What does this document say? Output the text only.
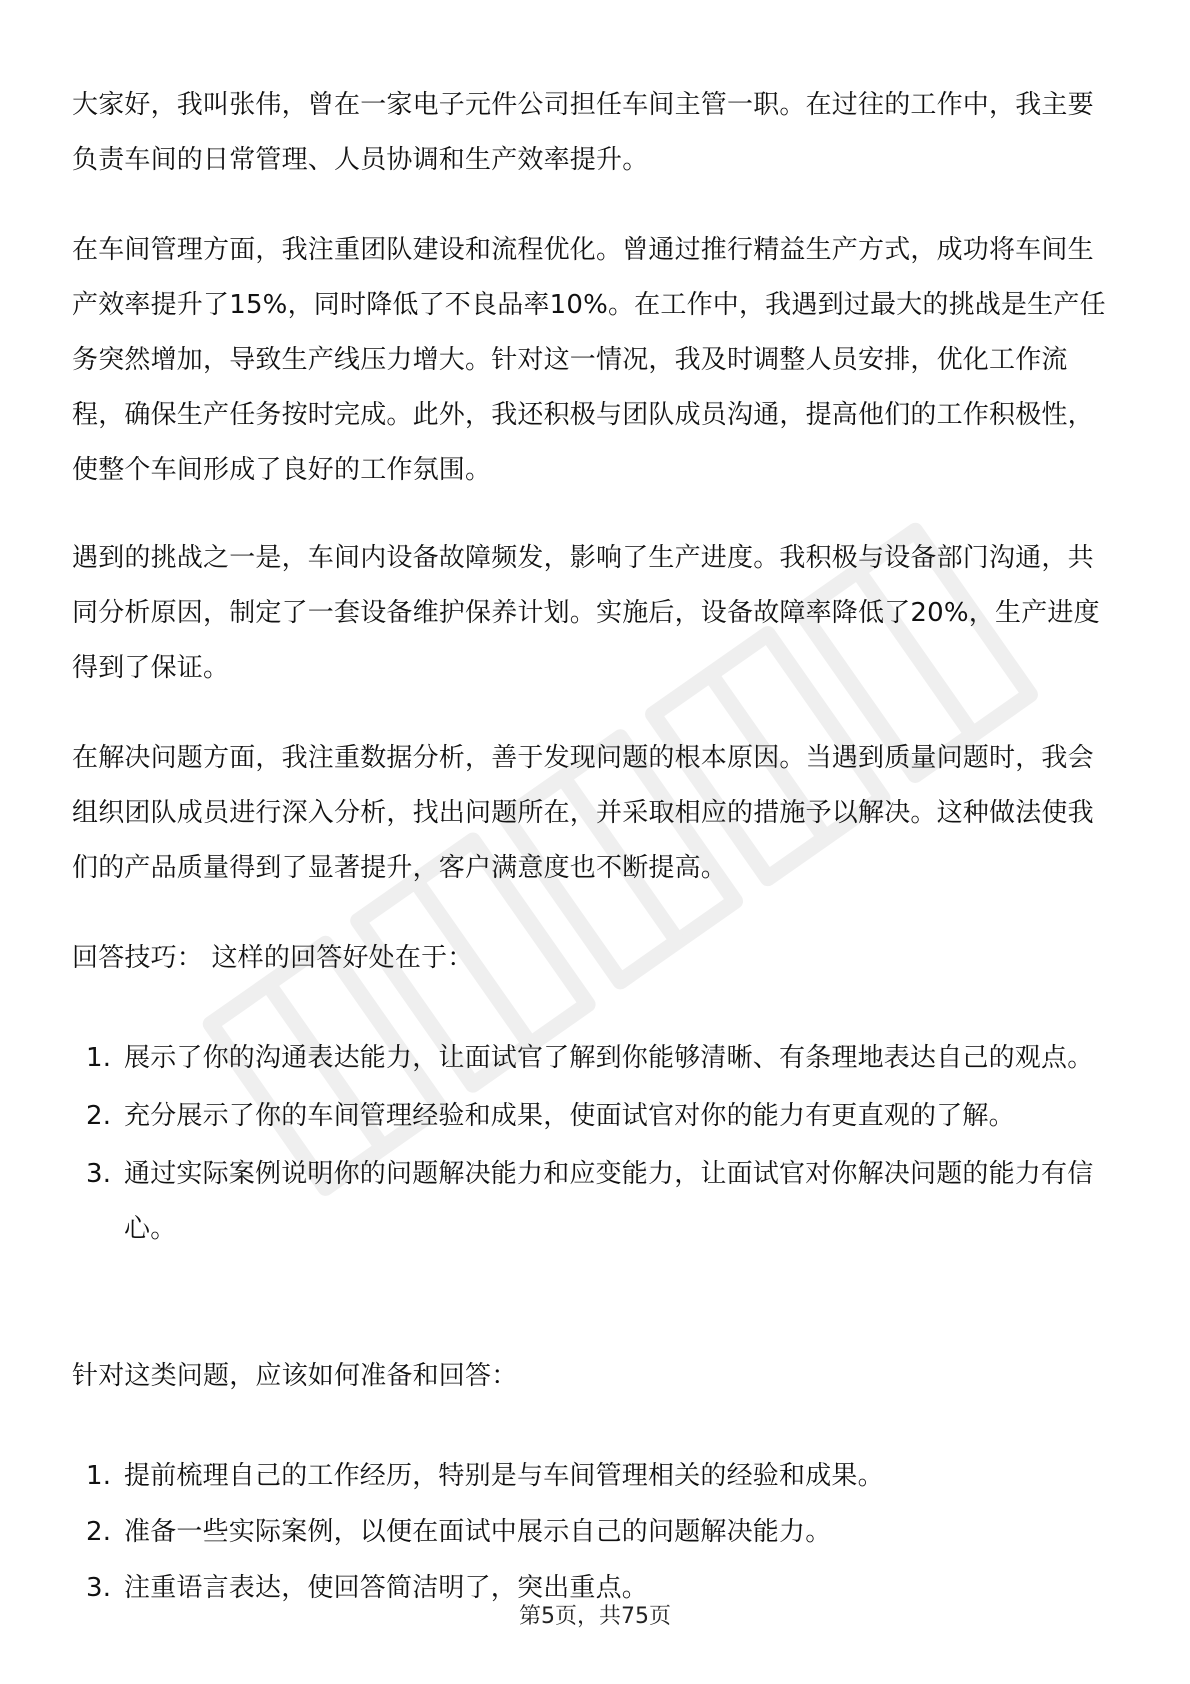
大家好，我叫张伟，曾在一家电子元件公司担任车间主管一职。在过往的工作中，我主要负责车间的日常管理、人员协调和生产效率提升。

在车间管理方面，我注重团队建设和流程优化。曾通过推行精益生产方式，成功将车间生产效率提升了15%，同时降低了不良品率10%。在工作中，我遇到过最大的挑战是生产任务突然增加，导致生产线压力增大。针对这一情况，我及时调整人员安排，优化工作流程，确保生产任务按时完成。此外，我还积极与团队成员沟通，提高他们的工作积极性，使整个车间形成了良好的工作氛围。

遇到的挑战之一是，车间内设备故障频发，影响了生产进度。我积极与设备部门沟通，共同分析原因，制定了一套设备维护保养计划。实施后，设备故障率降低了20%，生产进度得到了保证。

在解决问题方面，我注重数据分析，善于发现问题的根本原因。当遇到质量问题时，我会组织团队成员进行深入分析，找出问题所在，并采取相应的措施予以解决。这种做法使我们的产品质量得到了显著提升，客户满意度也不断提高。

回答技巧： 这样的回答好处在于：

1. 展示了你的沟通表达能力，让面试官了解到你能够清晰、有条理地表达自己的观点。
2. 充分展示了你的车间管理经验和成果，使面试官对你的能力有更直观的了解。
3. 通过实际案例说明你的问题解决能力和应变能力，让面试官对你解决问题的能力有信心。

针对这类问题，应该如何准备和回答：

1. 提前梳理自己的工作经历，特别是与车间管理相关的经验和成果。
2. 准备一些实际案例，以便在面试中展示自己的问题解决能力。
3. 注重语言表达，使回答简洁明了，突出重点。
第5页，共75页
